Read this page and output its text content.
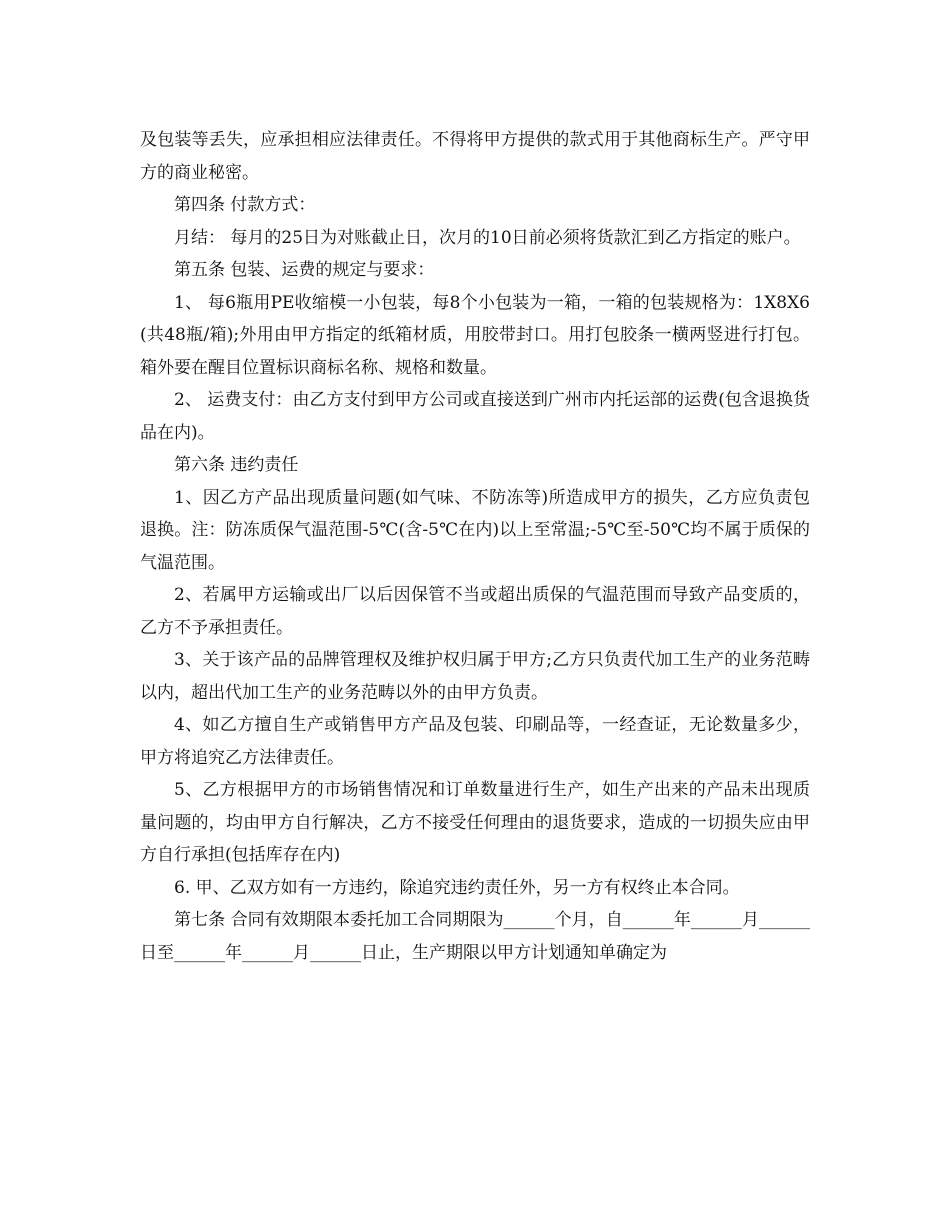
及包装等丢失，应承担相应法律责任。不得将甲方提供的款式用于其他商标生产。严守甲方的商业秘密。

第四条 付款方式：

月结： 每月的25日为对账截止日，次月的10日前必须将货款汇到乙方指定的账户。

第五条 包装、运费的规定与要求：

1、 每6瓶用PE收缩模一小包装，每8个小包装为一箱，一箱的包装规格为：1X8X6(共48瓶/箱);外用由甲方指定的纸箱材质，用胶带封口。用打包胶条一横两竖进行打包。箱外要在醒目位置标识商标名称、规格和数量。

2、 运费支付：由乙方支付到甲方公司或直接送到广州市内托运部的运费(包含退换货品在内)。

第六条 违约责任

1、因乙方产品出现质量问题(如气味、不防冻等)所造成甲方的损失，乙方应负责包退换。注：防冻质保气温范围-5℃(含-5℃在内)以上至常温;-5℃至-50℃均不属于质保的气温范围。

2、若属甲方运输或出厂以后因保管不当或超出质保的气温范围而导致产品变质的，乙方不予承担责任。

3、关于该产品的品牌管理权及维护权归属于甲方;乙方只负责代加工生产的业务范畴以内，超出代加工生产的业务范畴以外的由甲方负责。

4、如乙方擅自生产或销售甲方产品及包装、印刷品等，一经查证，无论数量多少，甲方将追究乙方法律责任。

5、乙方根据甲方的市场销售情况和订单数量进行生产，如生产出来的产品未出现质量问题的，均由甲方自行解决，乙方不接受任何理由的退货要求，造成的一切损失应由甲方自行承担(包括库存在内)

6. 甲、乙双方如有一方违约，除追究违约责任外，另一方有权终止本合同。

第七条 合同有效期限本委托加工合同期限为______个月，自______年______月______日至______年______月______日止，生产期限以甲方计划通知单确定为
